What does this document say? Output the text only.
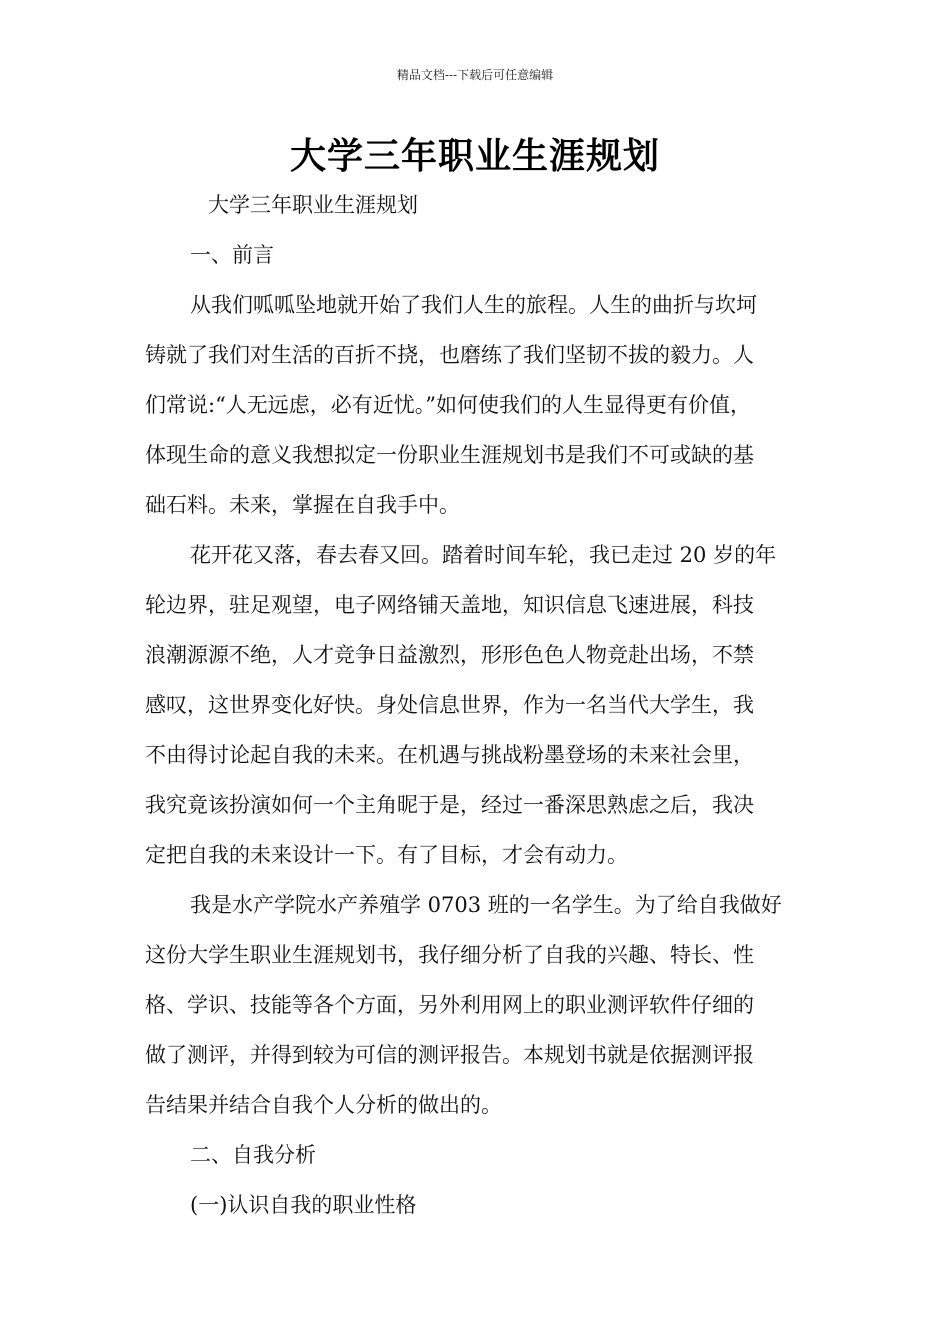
精品文档---下载后可任意编辑
大学三年职业生涯规划
大学三年职业生涯规划
一、前言
从我们呱呱坠地就开始了我们人生的旅程。人生的曲折与坎坷
铸就了我们对生活的百折不挠，也磨练了我们坚韧不拔的毅力。人
们常说:“人无远虑，必有近忧。”如何使我们的人生显得更有价值，
体现生命的意义我想拟定一份职业生涯规划书是我们不可或缺的基
础石料。未来，掌握在自我手中。
花开花又落，春去春又回。踏着时间车轮，我已走过 20 岁的年
轮边界，驻足观望，电子网络铺天盖地，知识信息飞速进展，科技
浪潮源源不绝，人才竞争日益激烈，形形色色人物竞赴出场，不禁
感叹，这世界变化好快。身处信息世界，作为一名当代大学生，我
不由得讨论起自我的未来。在机遇与挑战粉墨登场的未来社会里，
我究竟该扮演如何一个主角昵于是，经过一番深思熟虑之后，我决
定把自我的未来设计一下。有了目标，才会有动力。
我是水产学院水产养殖学 0703 班的一名学生。为了给自我做好
这份大学生职业生涯规划书，我仔细分析了自我的兴趣、特长、性
格、学识、技能等各个方面，另外利用网上的职业测评软件仔细的
做了测评，并得到较为可信的测评报告。本规划书就是依据测评报
告结果并结合自我个人分析的做出的。
二、自我分析
(一)认识自我的职业性格
